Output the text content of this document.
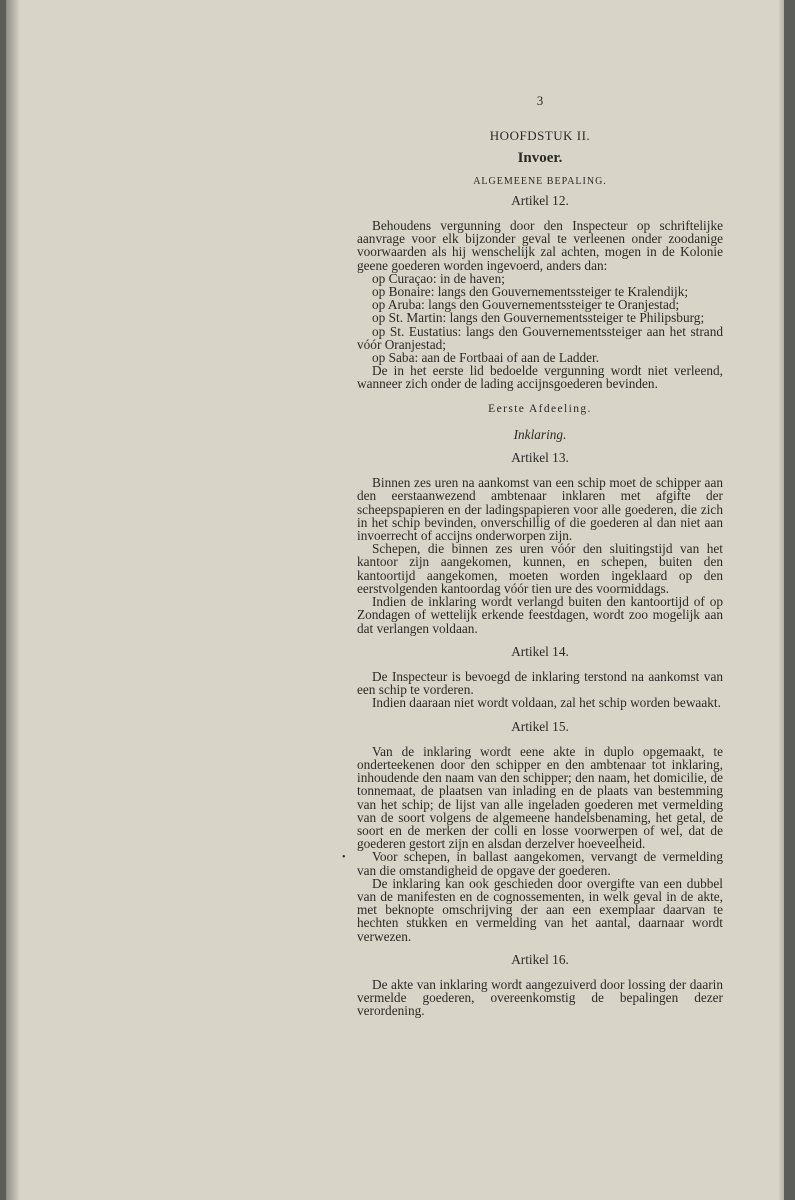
•
3
HOOFDSTUK II.
Invoer.
ALGEMEENE BEPALING.
Artikel 12.

Behoudens vergunning door den Inspecteur op schriftelijke aanvrage voor elk bijzonder geval te verleenen onder zoodanige voorwaarden als hij wenschelijk zal achten, mogen in de Kolonie geene goederen worden ingevoerd, anders dan:

op Curaçao: in de haven;

op Bonaire: langs den Gouvernementssteiger te Kralendijk;

op Aruba: langs den Gouvernementssteiger te Oranjestad;

op St. Martin: langs den Gouvernementssteiger te Philipsburg;

op St. Eustatius: langs den Gouvernementssteiger aan het strand vóór Oranjestad;

op Saba: aan de Fortbaai of aan de Ladder.

De in het eerste lid bedoelde vergunning wordt niet verleend, wanneer zich onder de lading accijnsgoederen bevinden.

Eerste Afdeeling.
Inklaring.
Artikel 13.

Binnen zes uren na aankomst van een schip moet de schipper aan den eerstaanwezend ambtenaar inklaren met afgifte der scheepspapieren en der ladingspapieren voor alle goederen, die zich in het schip bevinden, onverschillig of die goederen al dan niet aan invoerrecht of accijns onderworpen zijn.

Schepen, die binnen zes uren vóór den sluitingstijd van het kantoor zijn aangekomen, kunnen, en schepen, buiten den kantoortijd aangekomen, moeten worden ingeklaard op den eerstvolgenden kantoordag vóór tien ure des voormiddags.

Indien de inklaring wordt verlangd buiten den kantoortijd of op Zondagen of wettelijk erkende feestdagen, wordt zoo mogelijk aan dat verlangen voldaan.

Artikel 14.

De Inspecteur is bevoegd de inklaring terstond na aankomst van een schip te vorderen.

Indien daaraan niet wordt voldaan, zal het schip worden bewaakt.

Artikel 15.

Van de inklaring wordt eene akte in duplo opgemaakt, te onderteekenen door den schipper en den ambtenaar tot inklaring, inhoudende den naam van den schipper; den naam, het domicilie, de tonnemaat, de plaatsen van inlading en de plaats van bestemming van het schip; de lijst van alle ingeladen goederen met vermelding van de soort volgens de algemeene handelsbenaming, het getal, de soort en de merken der colli en losse voorwerpen of wel, dat de goederen gestort zijn en alsdan derzelver hoeveelheid.

Voor schepen, in ballast aangekomen, vervangt de vermelding van die omstandigheid de opgave der goederen.

De inklaring kan ook geschieden door overgifte van een dubbel van de manifesten en de cognossementen, in welk geval in de akte, met beknopte omschrijving der aan een exemplaar daarvan te hechten stukken en vermelding van het aantal, daarnaar wordt verwezen.

Artikel 16.

De akte van inklaring wordt aangezuiverd door lossing der daarin vermelde goederen, overeenkomstig de bepalingen dezer verordening.
